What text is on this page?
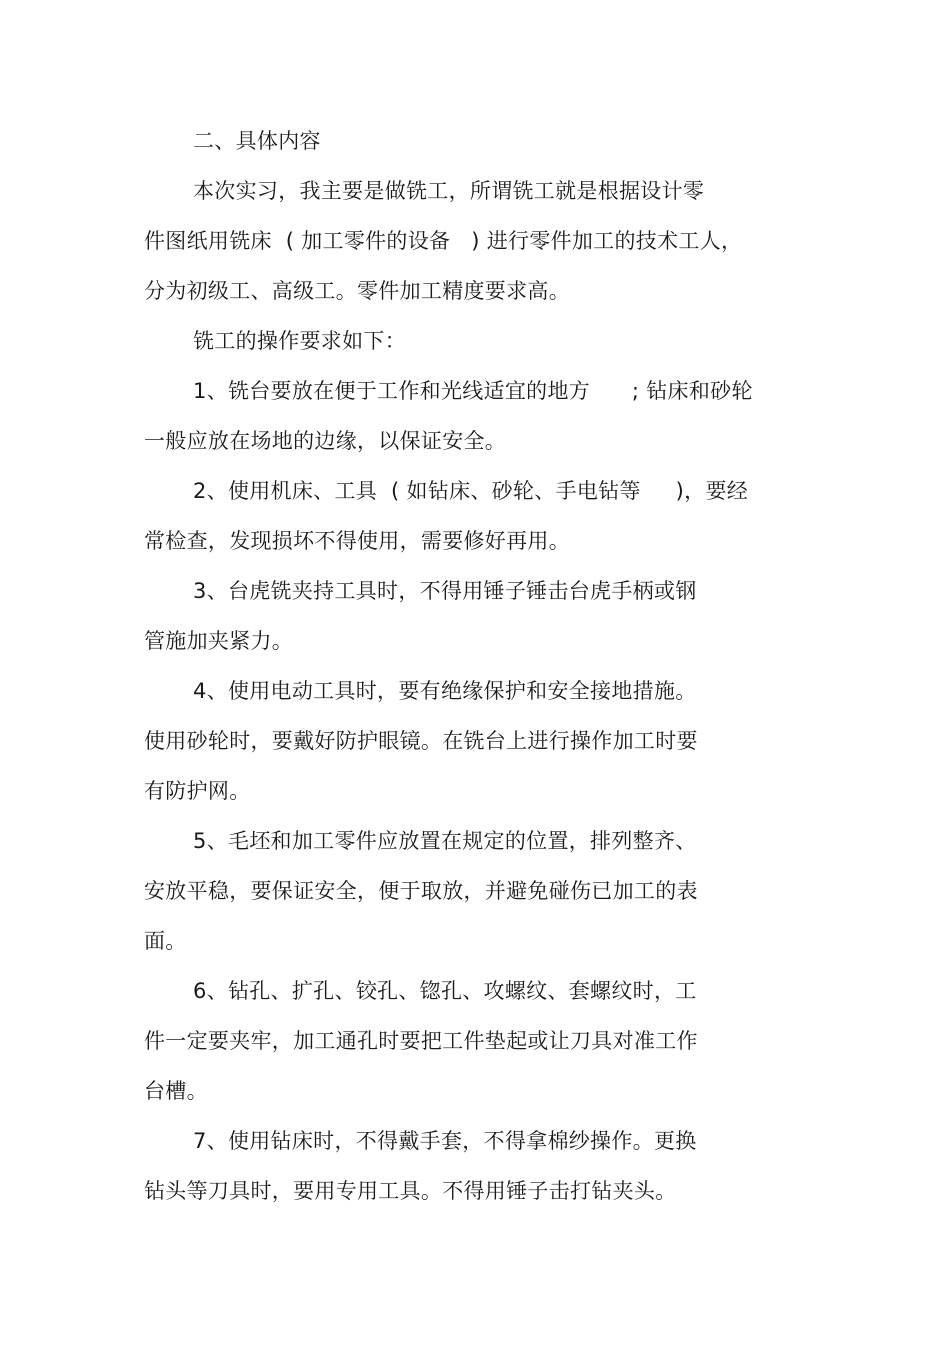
二、具体内容
本次实习，我主要是做铣工，所谓铣工就是根据设计零
件图纸用铣床  ( 加工零件的设备   ) 进行零件加工的技术工人，
分为初级工、高级工。零件加工精度要求高。
铣工的操作要求如下：
1、铣台要放在便于工作和光线适宜的地方      ; 钻床和砂轮
一般应放在场地的边缘，以保证安全。
2、使用机床、工具  ( 如钻床、砂轮、手电钻等     )，要经
常检查，发现损坏不得使用，需要修好再用。
3、台虎铣夹持工具时，不得用锤子锤击台虎手柄或钢
管施加夹紧力。
4、使用电动工具时，要有绝缘保护和安全接地措施。
使用砂轮时，要戴好防护眼镜。在铣台上进行操作加工时要
有防护网。
5、毛坯和加工零件应放置在规定的位置，排列整齐、
安放平稳，要保证安全，便于取放，并避免碰伤已加工的表
面。
6、钻孔、扩孔、铰孔、锪孔、攻螺纹、套螺纹时，工
件一定要夹牢，加工通孔时要把工件垫起或让刀具对准工作
台槽。
7、使用钻床时，不得戴手套，不得拿棉纱操作。更换
钻头等刀具时，要用专用工具。不得用锤子击打钻夹头。
